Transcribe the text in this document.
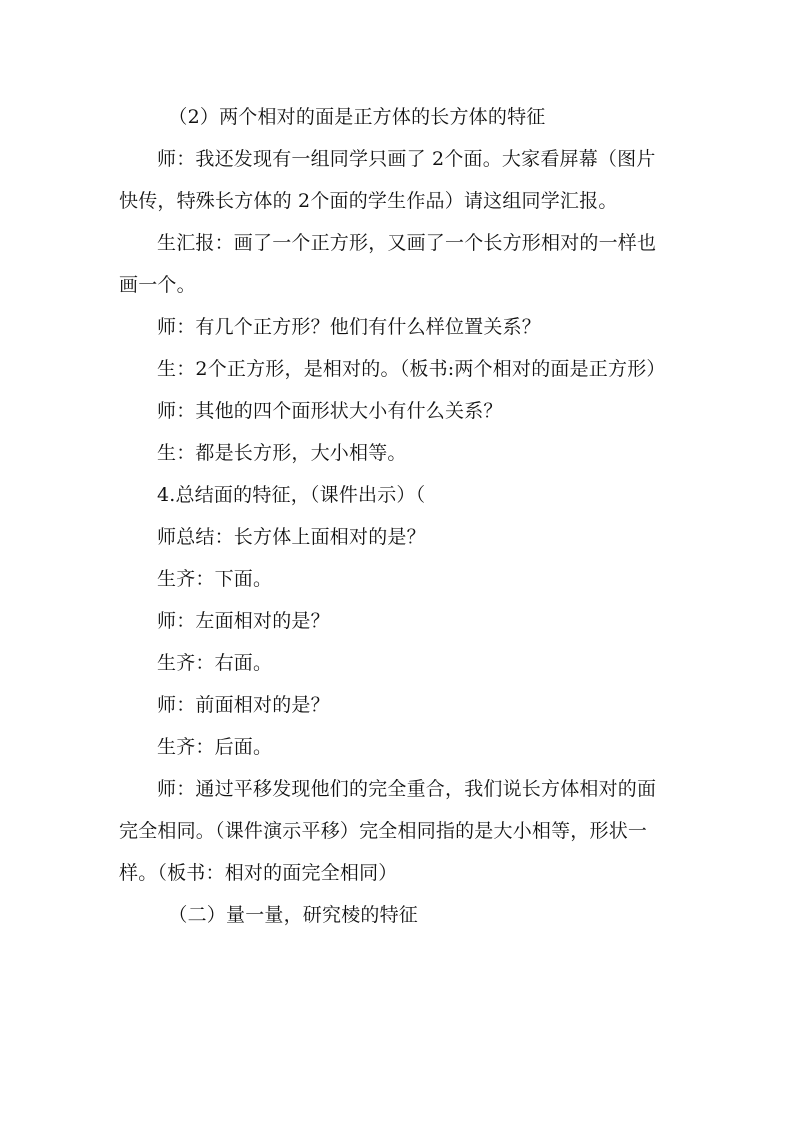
（2）两个相对的面是正方体的长方体的特征

师：我还发现有一组同学只画了 2个面。大家看屏幕（图片快传，特殊长方体的 2个面的学生作品）请这组同学汇报。

生汇报：画了一个正方形，又画了一个长方形相对的一样也画一个。

师：有几个正方形？他们有什么样位置关系？

生：2个正方形，是相对的。（板书:两个相对的面是正方形）

师：其他的四个面形状大小有什么关系？

生：都是长方形，大小相等。

4.总结面的特征，（课件出示）（

师总结：长方体上面相对的是？

生齐：下面。

师：左面相对的是？

生齐：右面。

师：前面相对的是？

生齐：后面。

师：通过平移发现他们的完全重合，我们说长方体相对的面完全相同。（课件演示平移）完全相同指的是大小相等，形状一样。（板书：相对的面完全相同）

（二）量一量，研究棱的特征
